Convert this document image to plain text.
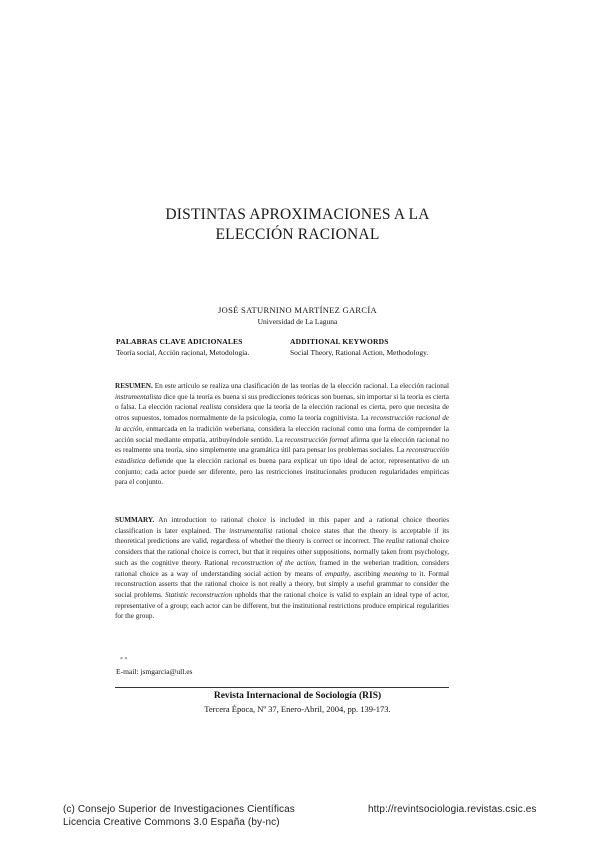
DISTINTAS APROXIMACIONES A LA
ELECCIÓN RACIONAL
JOSÉ SATURNINO MARTÍNEZ GARCÍA
Universidad de La Laguna
PALABRAS CLAVE ADICIONALES
Teoría social, Acción racional, Metodología.
ADDITIONAL KEYWORDS
Social Theory, Rational Action, Methodology.
RESUMEN. En este artículo se realiza una clasificación de las teorías de la elección racional. La elección racional instrumentalista dice que la teoría es buena si sus predicciones teóricas son buenas, sin importar si la teoría es cierta o falsa. La elección racional realista considera que la teoría de la elección racional es cierta, pero que necesita de otros supuestos, tomados normalmente de la psicología, como la teoría cognitivista. La reconstrucción racional de la acción, enmarcada en la tradición weberiana, considera la elección racional como una forma de comprender la acción social mediante empatía, atribuyéndole sentido. La reconstrucción formal afirma que la elección racional no es realmente una teoría, sino simplemente una gramática útil para pensar los problemas sociales. La reconstrucción estadística defiende que la elección racional es buena para explicar un tipo ideal de actor, representativo de un conjunto; cada actor puede ser diferente, pero las restricciones institucionales producen regularidades empíricas para el conjunto.
SUMMARY. An introduction to rational choice is included in this paper and a rational choice theories classification is later explained. The instrumentalist rational choice states that the theory is acceptable if its theoretical predictions are valid, regardless of whether the theory is correct or incorrect. The realist rational choice considers that the rational choice is correct, but that it requires other suppositions, normally taken from psychology, such as the cognitive theory. Rational reconstruction of the action, framed in the weberian tradition, considers rational choice as a way of understanding social action by means of empathy, ascribing meaning to it. Formal reconstruction asserts that the rational choice is not really a theory, but simply a useful grammar to consider the social problems. Statistic reconstruction upholds that the rational choice is valid to explain an ideal type of actor, representative of a group; each actor can be different, but the institutional restrictions produce empirical regularities for the group.
* *
E-mail: jsmgarcia@ull.es
Revista Internacional de Sociología (RIS)
Tercera Época, Nº 37, Enero-Abril, 2004, pp. 139-173.
(c) Consejo Superior de Investigaciones Científicas
Licencia Creative Commons 3.0 España (by-nc)
http://revintsociologia.revistas.csic.es
